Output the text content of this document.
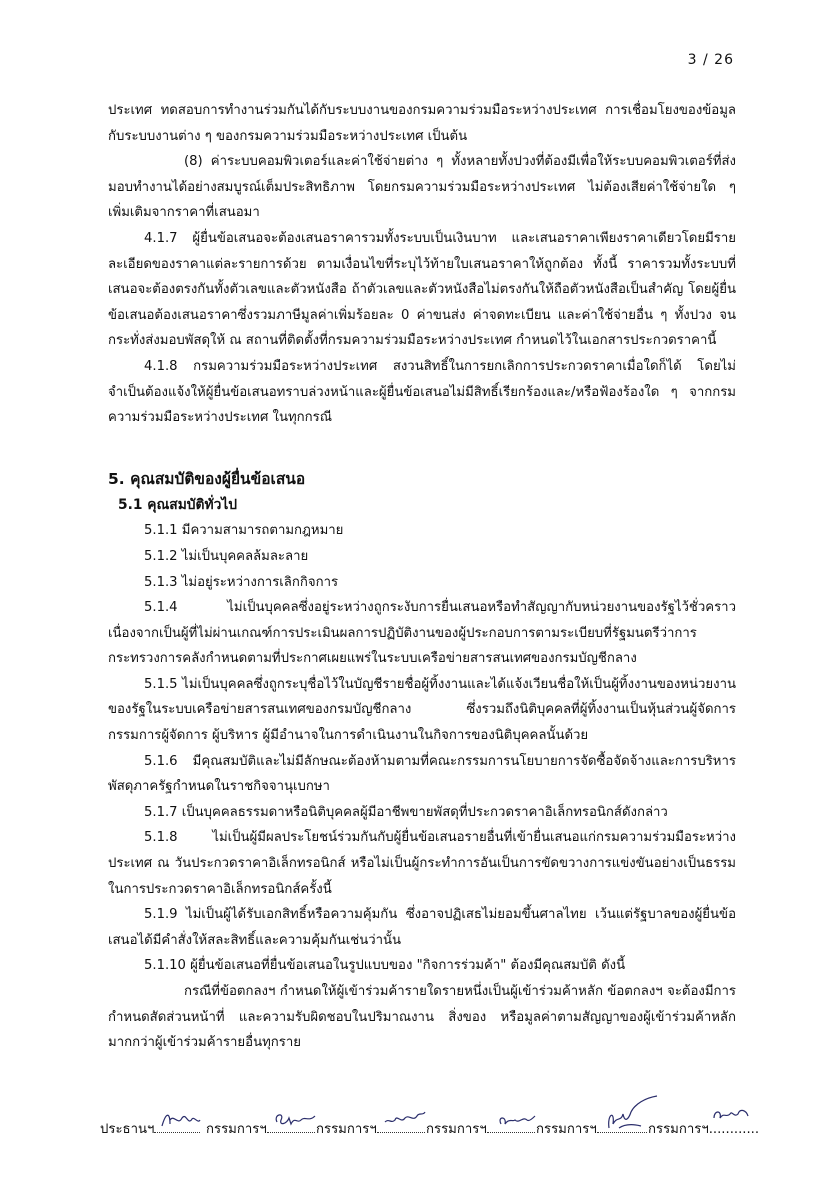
3 / 26

ประเทศ ทดสอบการทำงานร่วมกันได้กับระบบงานของกรมความร่วมมือระหว่างประเทศ การเชื่อมโยงของข้อมูลกับระบบงานต่าง ๆ ของกรมความร่วมมือระหว่างประเทศ เป็นต้น

(8) ค่าระบบคอมพิวเตอร์และค่าใช้จ่ายต่าง ๆ ทั้งหลายทั้งปวงที่ต้องมีเพื่อให้ระบบคอมพิวเตอร์ที่ส่งมอบทำงานได้อย่างสมบูรณ์เต็มประสิทธิภาพ โดยกรมความร่วมมือระหว่างประเทศ ไม่ต้องเสียค่าใช้จ่ายใด ๆ เพิ่มเติมจากราคาที่เสนอมา

4.1.7 ผู้ยื่นข้อเสนอจะต้องเสนอราคารวมทั้งระบบเป็นเงินบาท และเสนอราคาเพียงราคาเดียวโดยมีรายละเอียดของราคาแต่ละรายการด้วย ตามเงื่อนไขที่ระบุไว้ท้ายใบเสนอราคาให้ถูกต้อง ทั้งนี้ ราคารวมทั้งระบบที่เสนอจะต้องตรงกันทั้งตัวเลขและตัวหนังสือ ถ้าตัวเลขและตัวหนังสือไม่ตรงกันให้ถือตัวหนังสือเป็นสำคัญ โดยผู้ยื่นข้อเสนอต้องเสนอราคาซึ่งรวมภาษีมูลค่าเพิ่มร้อยละ 0 ค่าขนส่ง ค่าจดทะเบียน และค่าใช้จ่ายอื่น ๆ ทั้งปวง จนกระทั่งส่งมอบพัสดุให้ ณ สถานที่ติดตั้งที่กรมความร่วมมือระหว่างประเทศ กำหนดไว้ในเอกสารประกวดราคานี้

4.1.8 กรมความร่วมมือระหว่างประเทศ สงวนสิทธิ์ในการยกเลิกการประกวดราคาเมื่อใดก็ได้ โดยไม่จำเป็นต้องแจ้งให้ผู้ยื่นข้อเสนอทราบล่วงหน้าและผู้ยื่นข้อเสนอไม่มีสิทธิ์เรียกร้องและ/หรือฟ้องร้องใด ๆ จากกรมความร่วมมือระหว่างประเทศ ในทุกกรณี

5. คุณสมบัติของผู้ยื่นข้อเสนอ

5.1 คุณสมบัติทั่วไป

5.1.1 มีความสามารถตามกฎหมาย

5.1.2 ไม่เป็นบุคคลล้มละลาย

5.1.3 ไม่อยู่ระหว่างการเลิกกิจการ

5.1.4 ไม่เป็นบุคคลซึ่งอยู่ระหว่างถูกระงับการยื่นเสนอหรือทำสัญญากับหน่วยงานของรัฐไว้ชั่วคราว เนื่องจากเป็นผู้ที่ไม่ผ่านเกณฑ์การประเมินผลการปฏิบัติงานของผู้ประกอบการตามระเบียบที่รัฐมนตรีว่าการกระทรวงการคลังกำหนดตามที่ประกาศเผยแพร่ในระบบเครือข่ายสารสนเทศของกรมบัญชีกลาง

5.1.5 ไม่เป็นบุคคลซึ่งถูกระบุชื่อไว้ในบัญชีรายชื่อผู้ทิ้งงานและได้แจ้งเวียนชื่อให้เป็นผู้ทิ้งงานของหน่วยงานของรัฐในระบบเครือข่ายสารสนเทศของกรมบัญชีกลาง ซึ่งรวมถึงนิติบุคคลที่ผู้ทิ้งงานเป็นหุ้นส่วนผู้จัดการ กรรมการผู้จัดการ ผู้บริหาร ผู้มีอำนาจในการดำเนินงานในกิจการของนิติบุคคลนั้นด้วย

5.1.6 มีคุณสมบัติและไม่มีลักษณะต้องห้ามตามที่คณะกรรมการนโยบายการจัดซื้อจัดจ้างและการบริหารพัสดุภาครัฐกำหนดในราชกิจจานุเบกษา

5.1.7 เป็นบุคคลธรรมดาหรือนิติบุคคลผู้มีอาชีพขายพัสดุที่ประกวดราคาอิเล็กทรอนิกส์ดังกล่าว

5.1.8 ไม่เป็นผู้มีผลประโยชน์ร่วมกันกับผู้ยื่นข้อเสนอรายอื่นที่เข้ายื่นเสนอแก่กรมความร่วมมือระหว่างประเทศ ณ วันประกวดราคาอิเล็กทรอนิกส์ หรือไม่เป็นผู้กระทำการอันเป็นการขัดขวางการแข่งขันอย่างเป็นธรรมในการประกวดราคาอิเล็กทรอนิกส์ครั้งนี้

5.1.9 ไม่เป็นผู้ได้รับเอกสิทธิ์หรือความคุ้มกัน ซึ่งอาจปฏิเสธไม่ยอมขึ้นศาลไทย เว้นแต่รัฐบาลของผู้ยื่นข้อเสนอได้มีคำสั่งให้สละสิทธิ์และความคุ้มกันเช่นว่านั้น

5.1.10 ผู้ยื่นข้อเสนอที่ยื่นข้อเสนอในรูปแบบของ "กิจการร่วมค้า" ต้องมีคุณสมบัติ ดังนี้

กรณีที่ข้อตกลงฯ กำหนดให้ผู้เข้าร่วมค้ารายใดรายหนึ่งเป็นผู้เข้าร่วมค้าหลัก ข้อตกลงฯ จะต้องมีการกำหนดสัดส่วนหน้าที่ และความรับผิดชอบในปริมาณงาน สิ่งของ หรือมูลค่าตามสัญญาของผู้เข้าร่วมค้าหลักมากกว่าผู้เข้าร่วมค้ารายอื่นทุกราย

ประธานฯ	กรรมการฯ	กรรมการฯ	กรรมการฯ	กรรมการฯ	กรรมการฯ............
